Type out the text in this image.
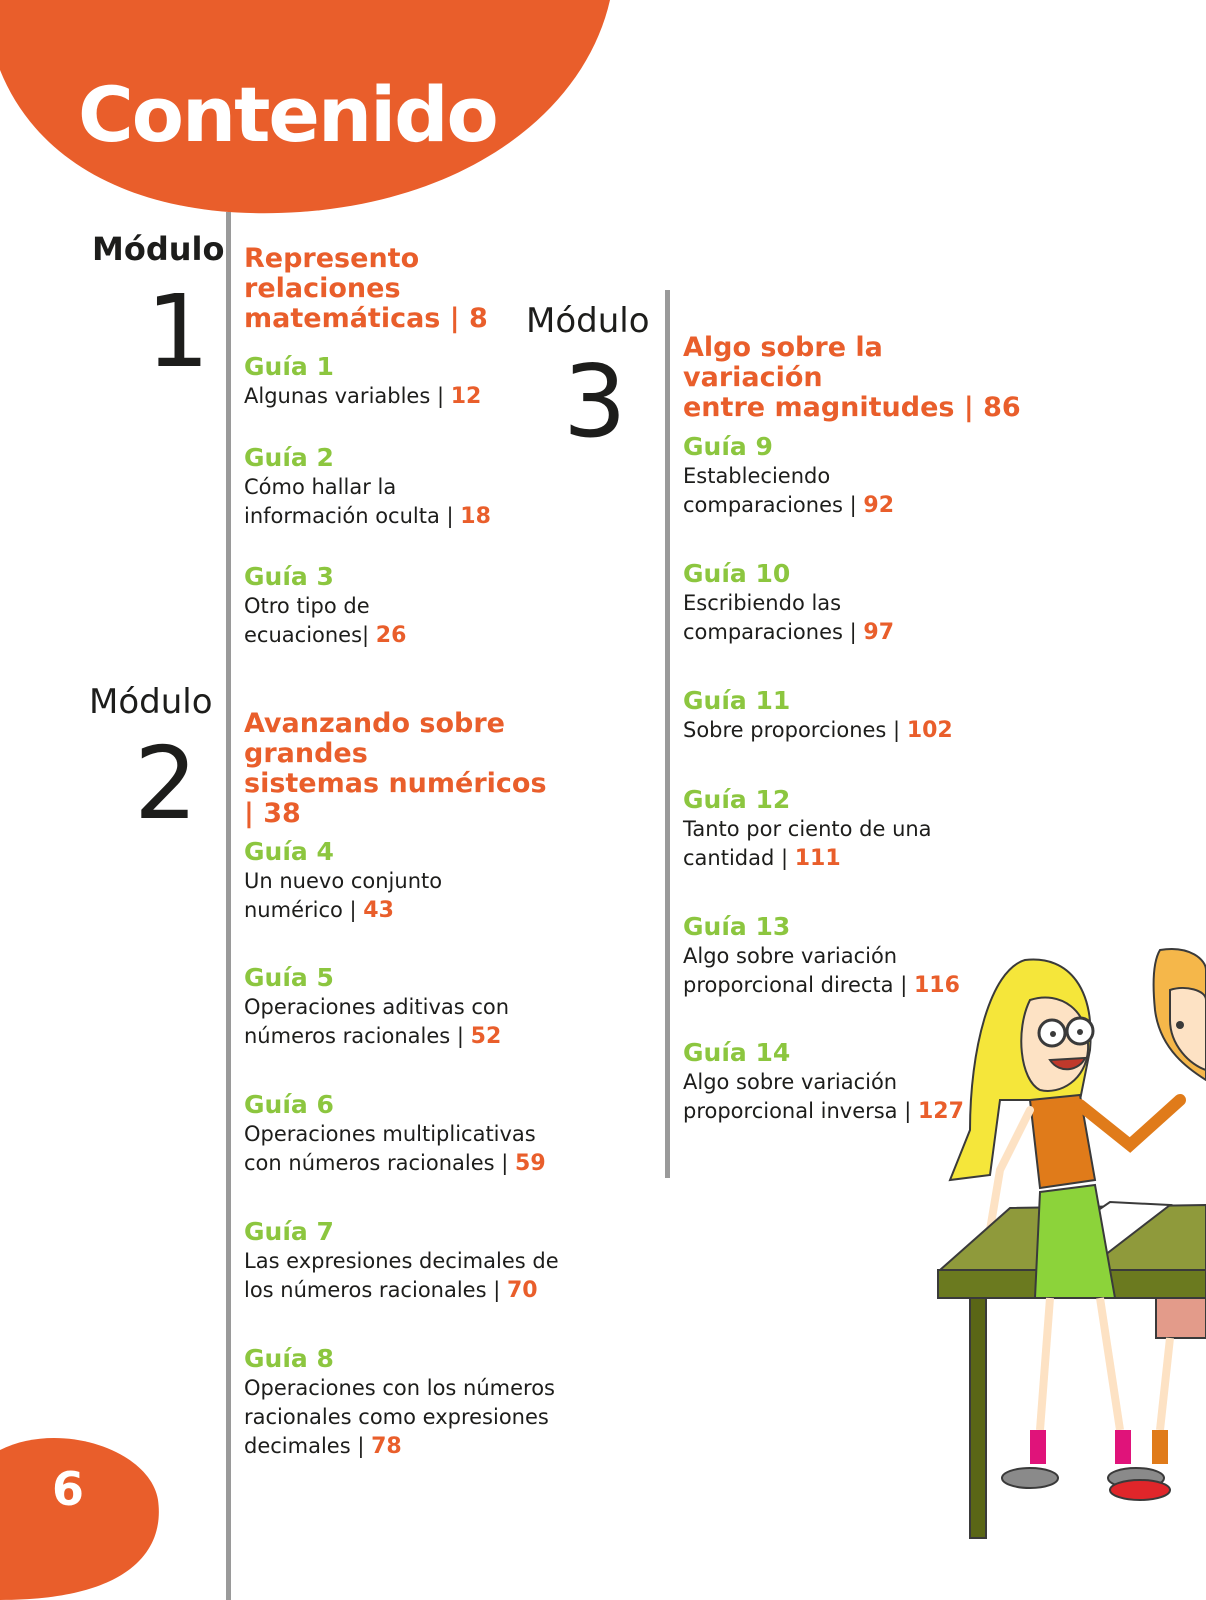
Contenido
Módulo
1
Represento
relaciones
matemáticas | 8
Guía 1
Algunas variables | 12
Guía 2
Cómo hallar la
información oculta | 18
Guía 3
Otro tipo de
ecuaciones| 26
Módulo
2
Avanzando sobre
grandes
sistemas numéricos | 38
Guía 4
Un nuevo conjunto
numérico | 43
Guía 5
Operaciones aditivas con
números racionales | 52
Guía 6
Operaciones multiplicativas
con números racionales | 59
Guía 7
Las expresiones decimales de
los números racionales | 70
Guía 8
Operaciones con los números
racionales como expresiones
decimales | 78
Módulo
3 Algo sobre la variación
entre magnitudes | 86
Guía 9
Estableciendo
comparaciones | 92
Guía 10
Escribiendo las
comparaciones | 97
Guía 11
Sobre proporciones | 102
Guía 12
Tanto por ciento de una
cantidad | 111
Guía 13
Algo sobre variación
proporcional directa | 116
Guía 14
Algo sobre variación
proporcional inversa | 127
6
